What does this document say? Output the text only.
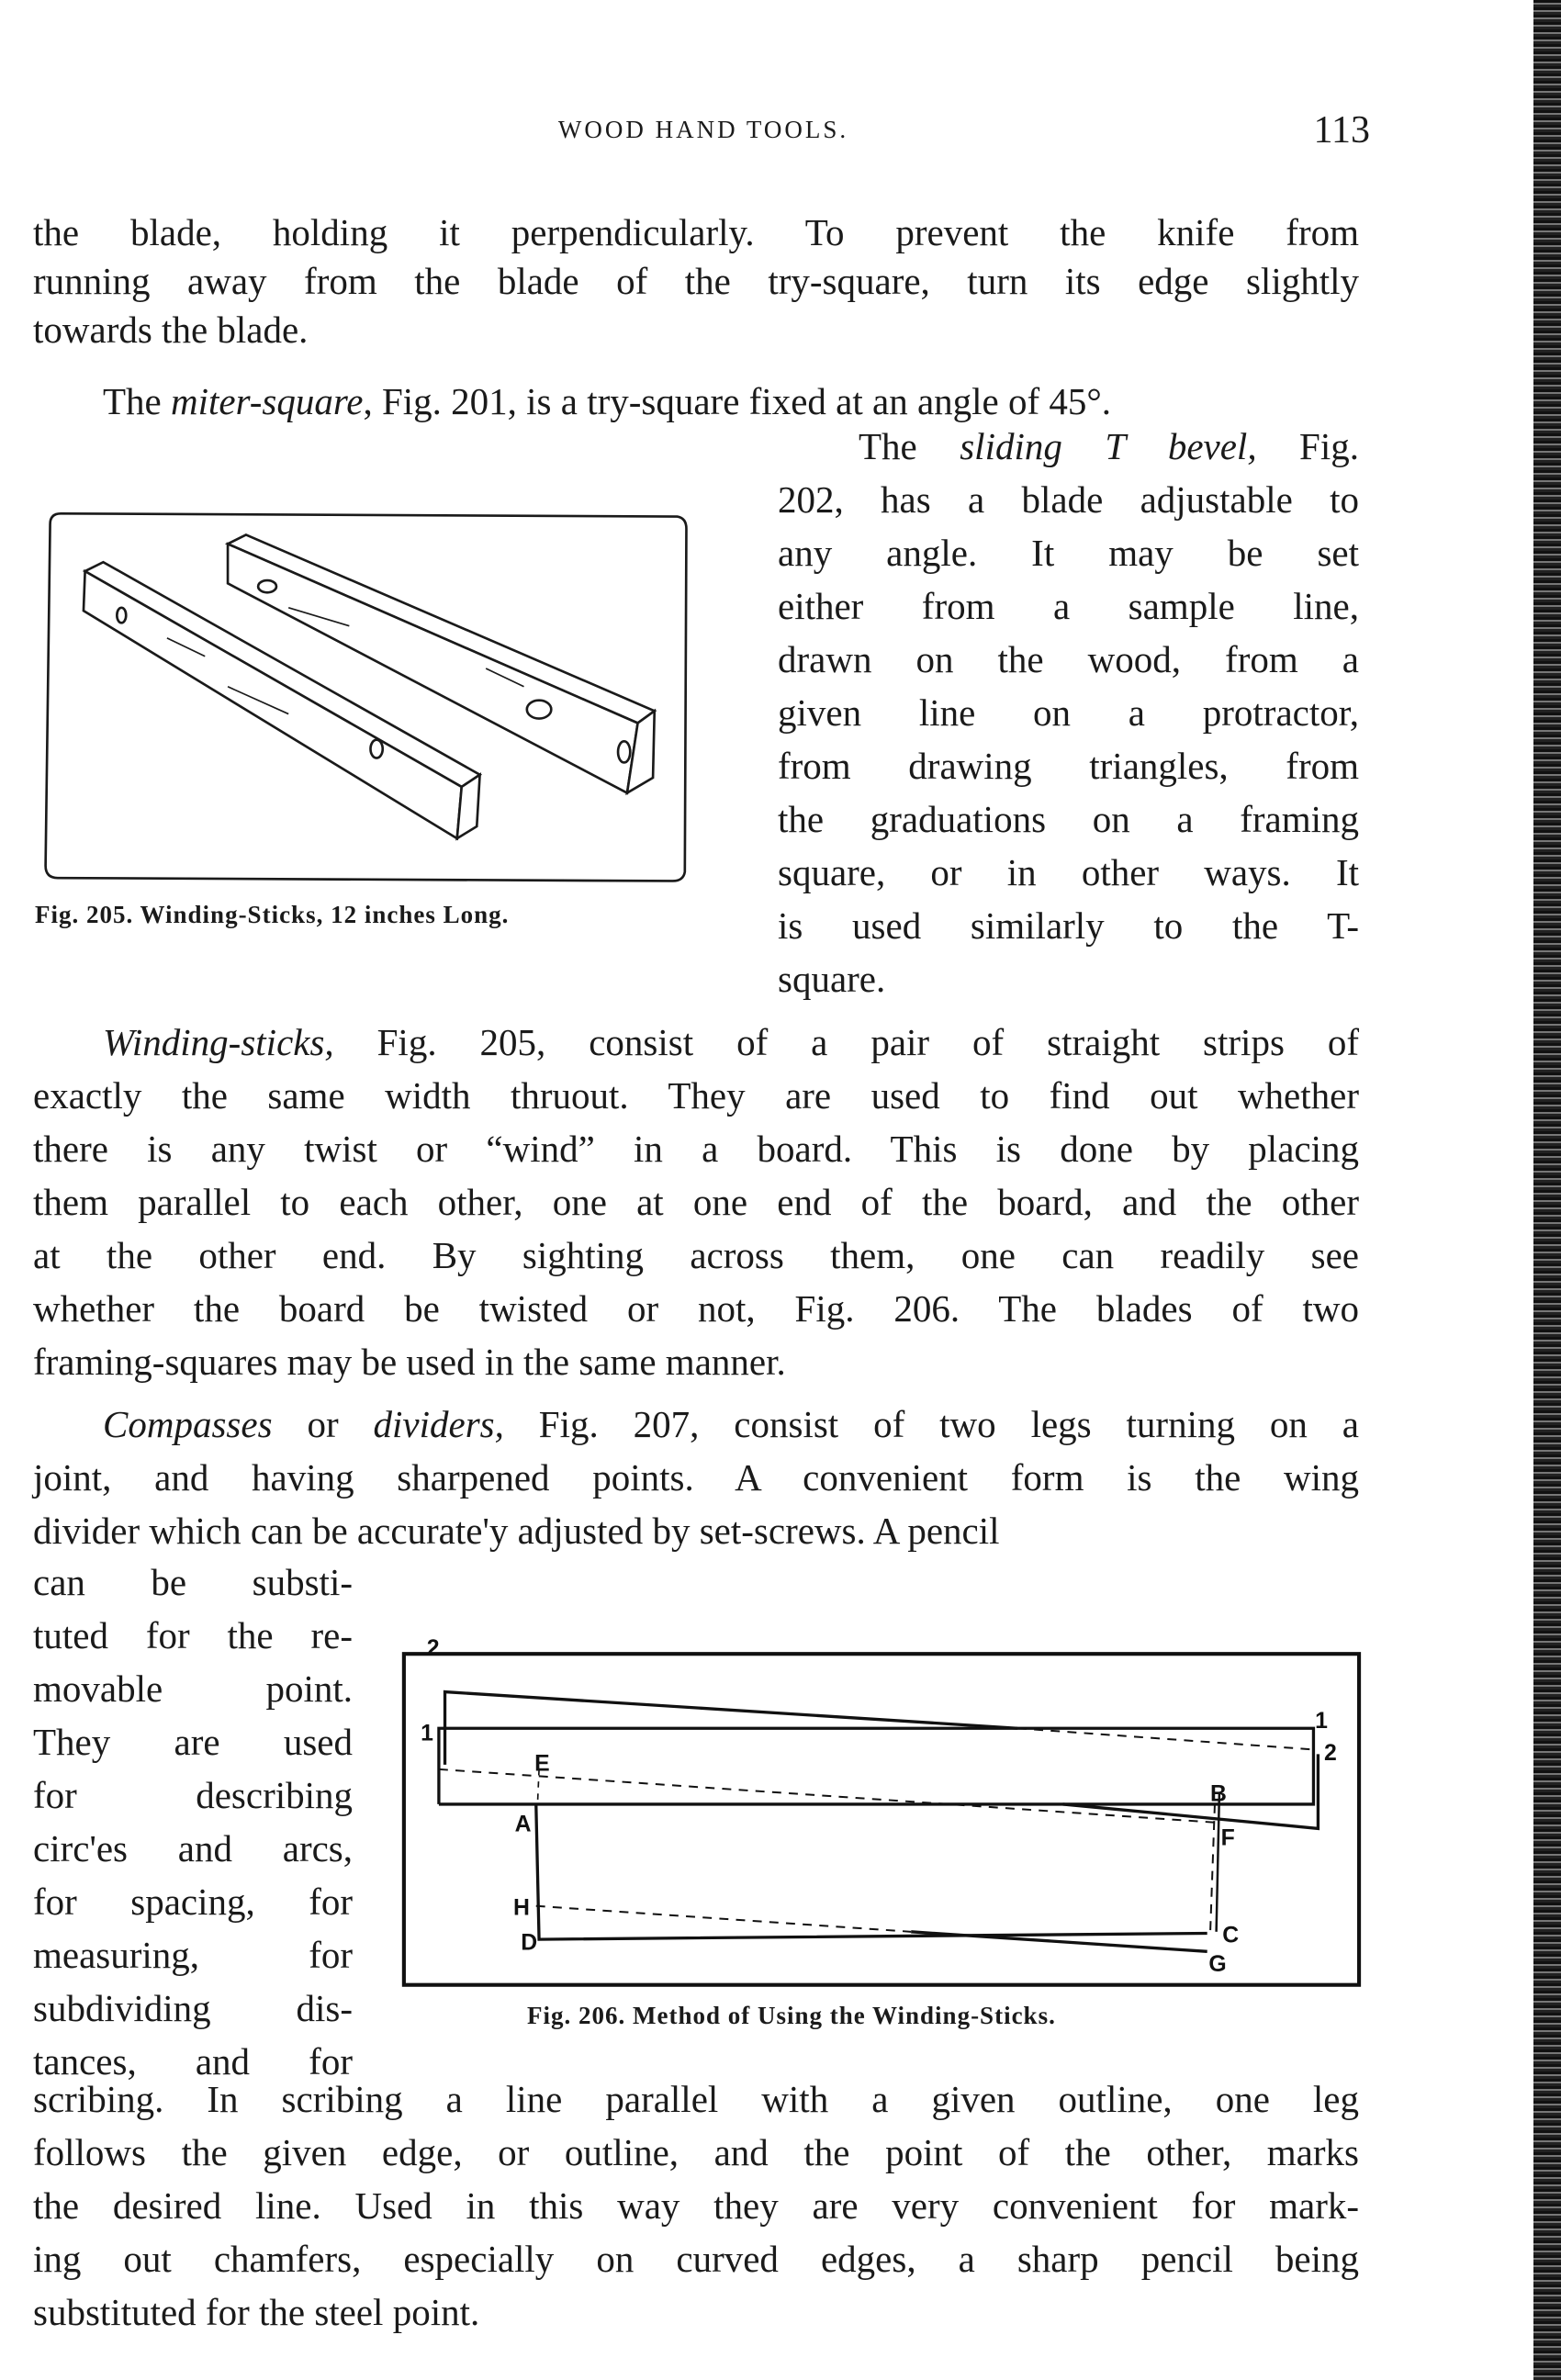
WOOD HAND TOOLS.	113
the blade, holding it perpendicularly. To prevent the knife from
running away from the blade of the try-square, turn its edge slightly
towards the blade.
The miter-square, Fig. 201, is a try-square fixed at an angle of 45°.
The sliding T bevel, Fig.
202, has a blade adjustable to
any angle. It may be set
either from a sample line,
drawn on the wood, from a
given line on a protractor,
from drawing triangles, from
the graduations on a framing
square, or in other ways. It
is used similarly to the T-
square.
Winding-sticks, Fig. 205, consist of a pair of straight strips of
exactly the same width thruout. They are used to find out whether
there is any twist or “wind” in a board. This is done by placing
them parallel to each other, one at one end of the board, and the other
at the other end. By sighting across them, one can readily see
whether the board be twisted or not, Fig. 206. The blades of two
framing-squares may be used in the same manner.
Compasses or dividers, Fig. 207, consist of two legs turning on a
joint, and having sharpened points. A convenient form is the wing
divider which can be accurate'y adjusted by set-screws. A pencil
can be substi-
tuted for the re-
movable point.
They are used
for describing
circ'es and arcs,
for spacing, for
measuring, for
subdividing dis-
tances, and for
scribing. In scribing a line parallel with a given outline, one leg
follows the given edge, or outline, and the point of the other, marks
the desired line. Used in this way they are very convenient for mark-
ing out chamfers, especially on curved edges, a sharp pencil being
substituted for the steel point.
2
1	1
2
E
A
B
F
H
D	C
G
Fig. 205. Winding-Sticks, 12 inches Long.
Fig. 206. Method of Using the Winding-Sticks.
